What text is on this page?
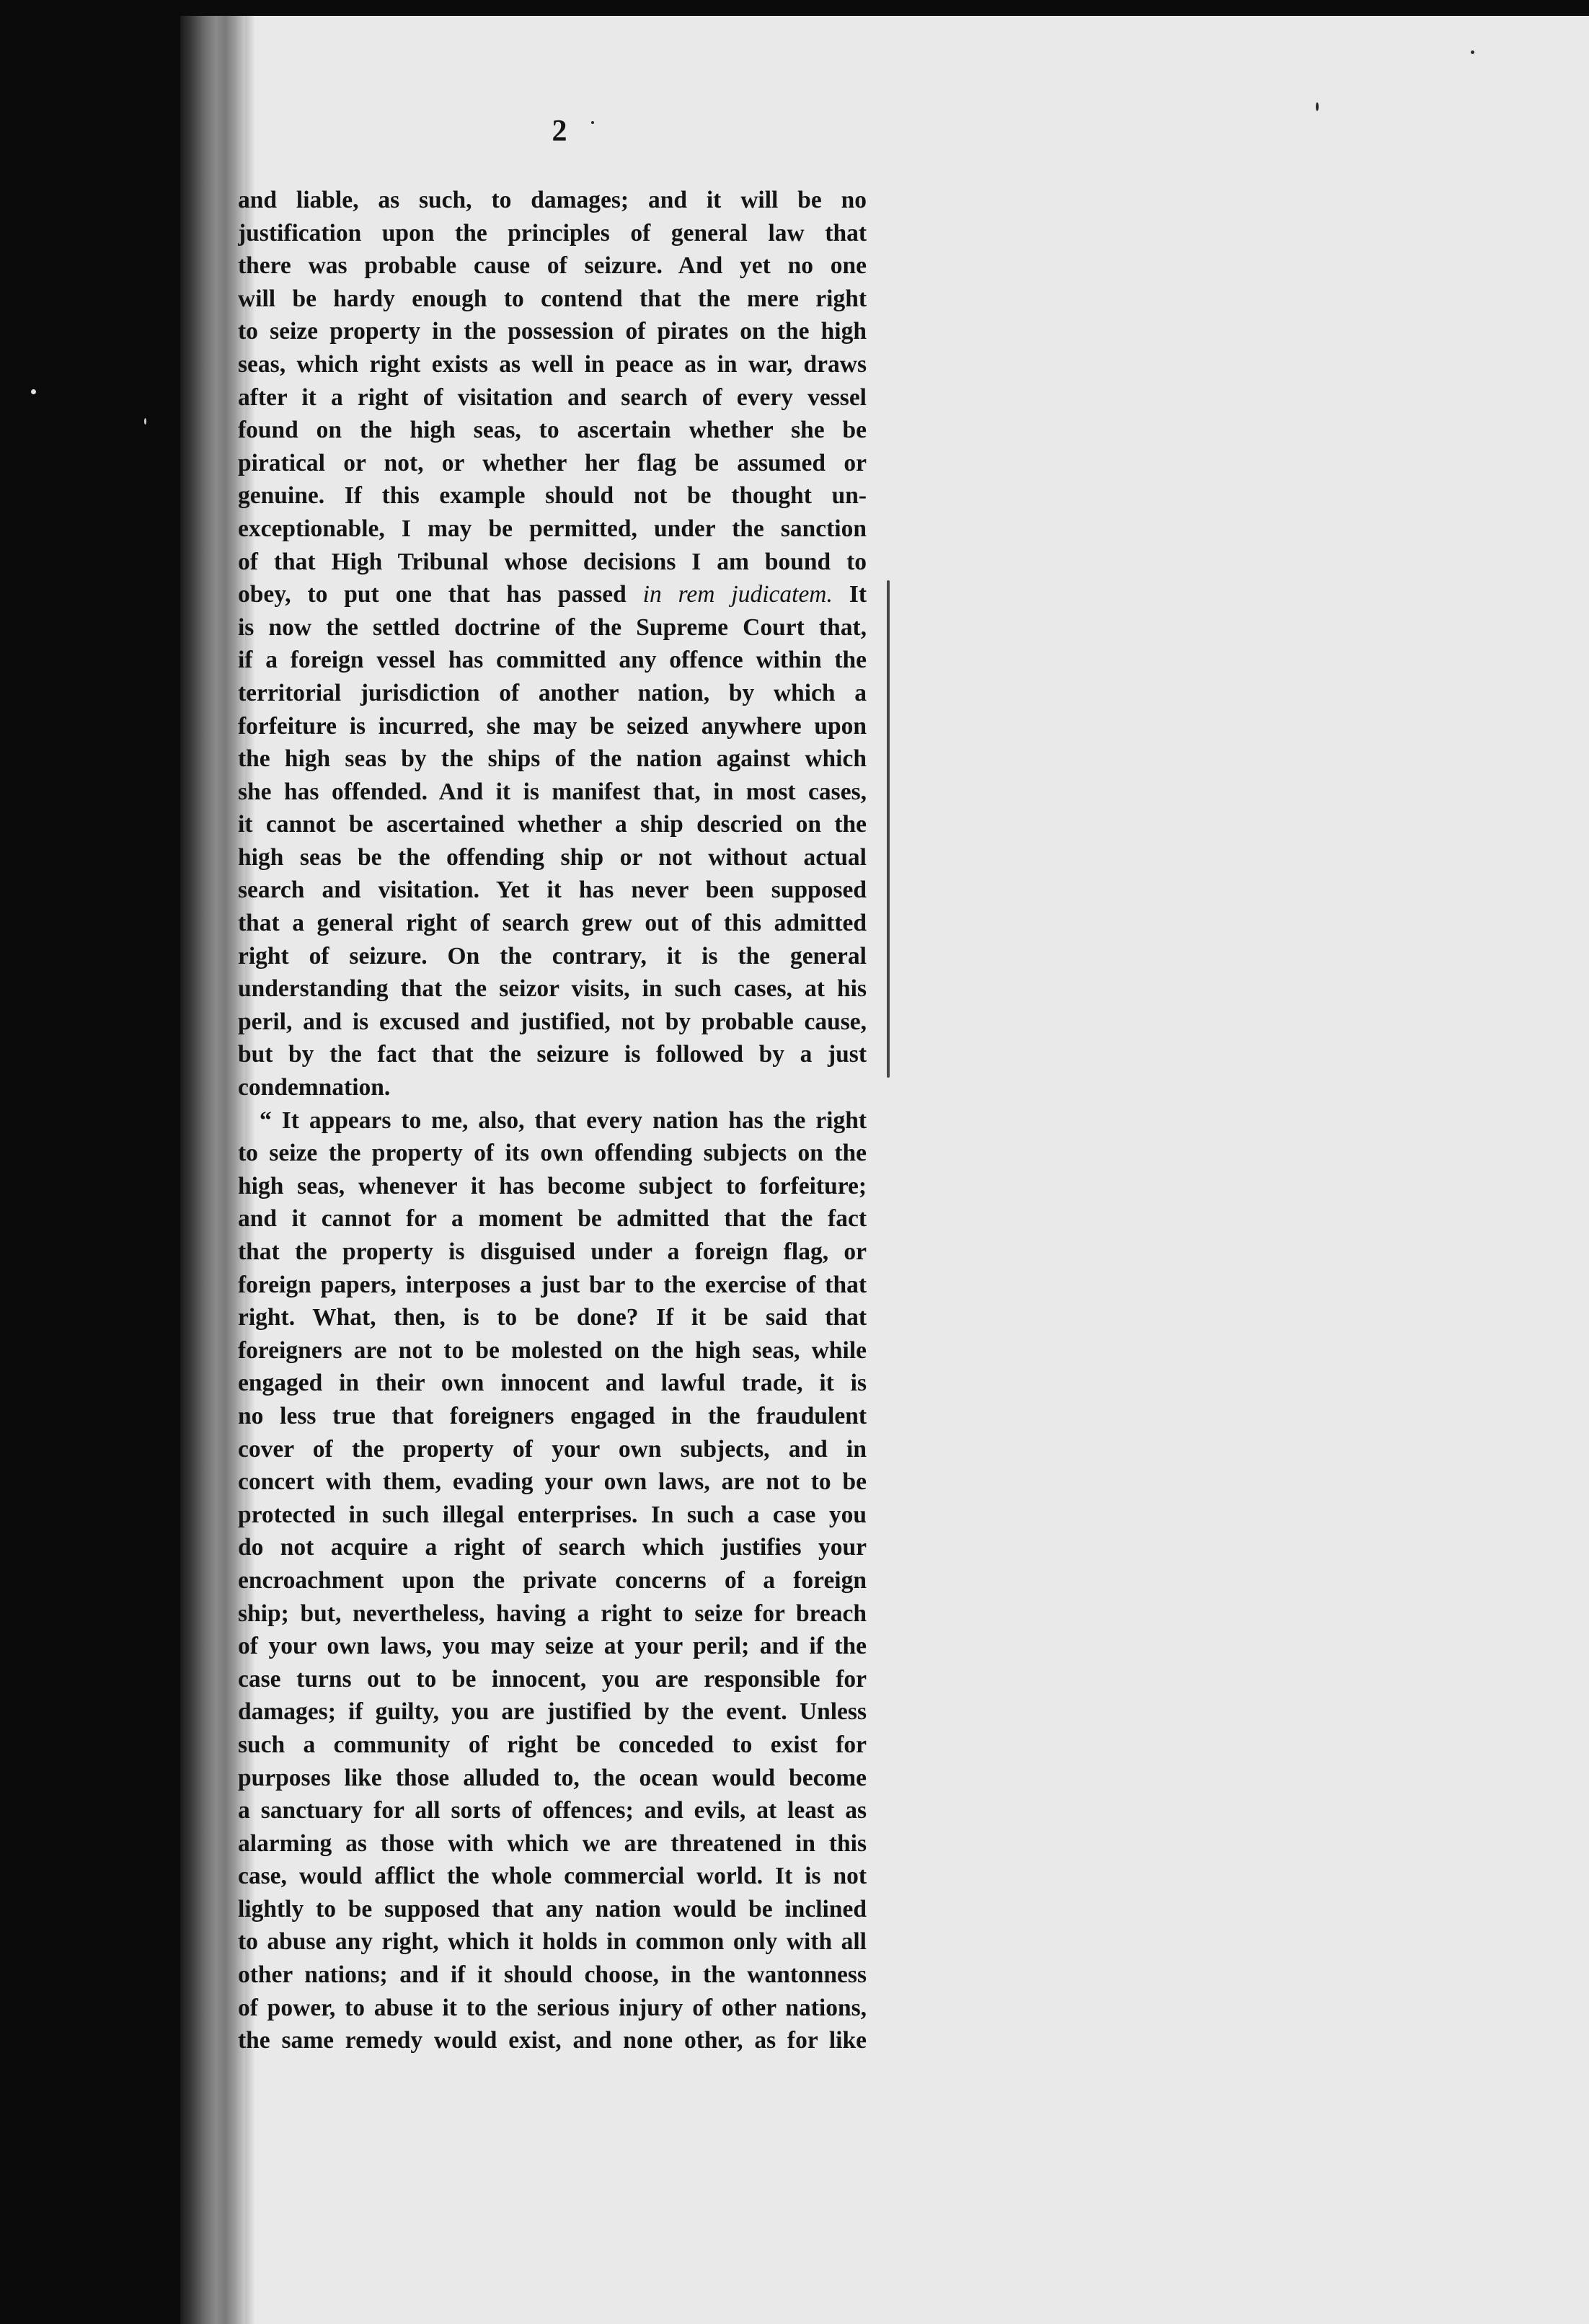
2
and liable, as such, to damages; and it will be no
justification upon the principles of general law that
there was probable cause of seizure. And yet no one
will be hardy enough to contend that the mere right
to seize property in the possession of pirates on the high
seas, which right exists as well in peace as in war, draws
after it a right of visitation and search of every vessel
found on the high seas, to ascertain whether she be
piratical or not, or whether her flag be assumed or
genuine. If this example should not be thought un-
exceptionable, I may be permitted, under the sanction
of that High Tribunal whose decisions I am bound to
obey, to put one that has passed in rem judicatem. It
is now the settled doctrine of the Supreme Court that,
if a foreign vessel has committed any offence within the
territorial jurisdiction of another nation, by which a
forfeiture is incurred, she may be seized anywhere upon
the high seas by the ships of the nation against which
she has offended. And it is manifest that, in most cases,
it cannot be ascertained whether a ship descried on the
high seas be the offending ship or not without actual
search and visitation. Yet it has never been supposed
that a general right of search grew out of this admitted
right of seizure. On the contrary, it is the general
understanding that the seizor visits, in such cases, at his
peril, and is excused and justified, not by probable cause,
but by the fact that the seizure is followed by a just
condemnation.
“ It appears to me, also, that every nation has the right
to seize the property of its own offending subjects on the
high seas, whenever it has become subject to forfeiture;
and it cannot for a moment be admitted that the fact
that the property is disguised under a foreign flag, or
foreign papers, interposes a just bar to the exercise of that
right. What, then, is to be done? If it be said that
foreigners are not to be molested on the high seas, while
engaged in their own innocent and lawful trade, it is
no less true that foreigners engaged in the fraudulent
cover of the property of your own subjects, and in
concert with them, evading your own laws, are not to be
protected in such illegal enterprises. In such a case you
do not acquire a right of search which justifies your
encroachment upon the private concerns of a foreign
ship; but, nevertheless, having a right to seize for breach
of your own laws, you may seize at your peril; and if the
case turns out to be innocent, you are responsible for
damages; if guilty, you are justified by the event. Unless
such a community of right be conceded to exist for
purposes like those alluded to, the ocean would become
a sanctuary for all sorts of offences; and evils, at least as
alarming as those with which we are threatened in this
case, would afflict the whole commercial world. It is not
lightly to be supposed that any nation would be inclined
to abuse any right, which it holds in common only with all
other nations; and if it should choose, in the wantonness
of power, to abuse it to the serious injury of other nations,
the same remedy would exist, and none other, as for like
